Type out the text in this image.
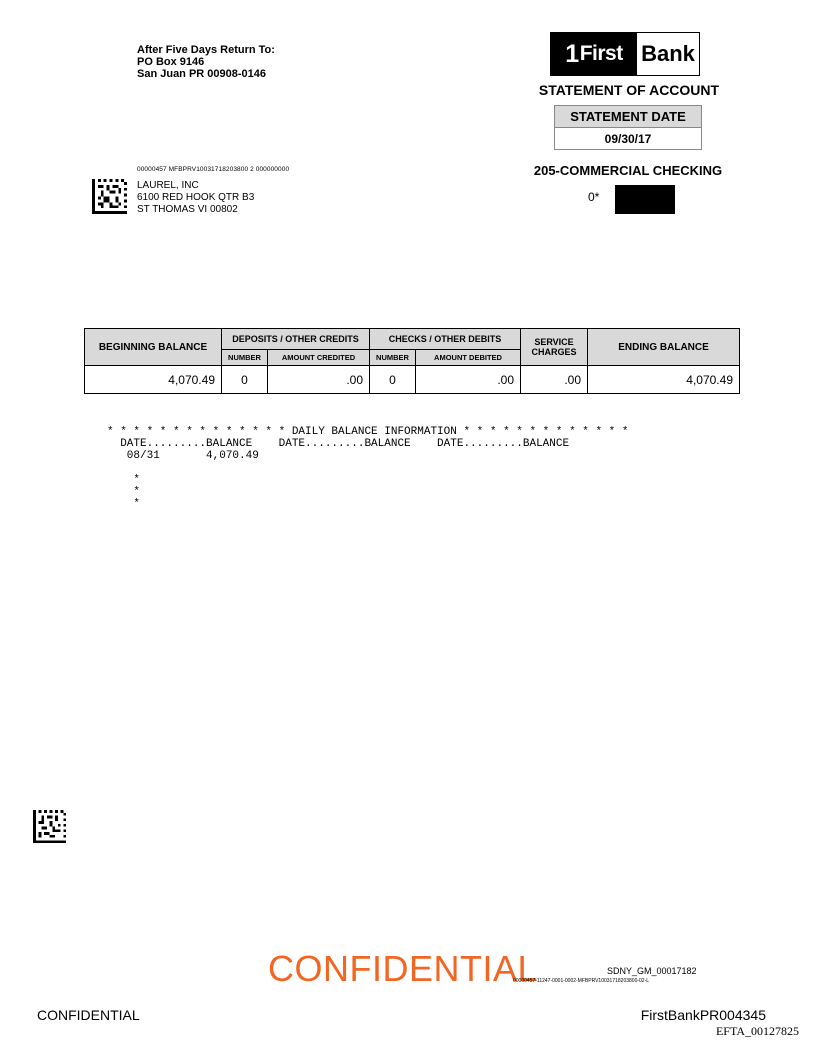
After Five Days Return To:
PO Box 9146
San Juan PR 00908-0146
1 First Bank
STATEMENT OF ACCOUNT
STATEMENT DATE
09/30/17
205-COMMERCIAL CHECKING
0*
00000457 MFBPRV10031718203800 2 000000000
LAUREL, INC
6100 RED HOOK QTR B3
ST THOMAS VI 00802
BEGINNING BALANCE	DEPOSITS / OTHER CREDITS		CHECKS / OTHER DEBITS		SERVICE CHARGES	ENDING BALANCE
	NUMBER	AMOUNT CREDITED	NUMBER	AMOUNT DEBITED		
4,070.49	0	.00	0	.00	.00	4,070.49
* * * * * * * * * * * * * * DAILY BALANCE INFORMATION * * * * * * * * * * * * *
DATE.........BALANCE    DATE.........BALANCE    DATE.........BALANCE
08/31       4,070.49
*
*
*
CONFIDENTIAL	SDNY_GM_00017182
00000457-11247-0001-0002-MFBPRV10031718203800-02-L
CONFIDENTIAL	FirstBankPR004345
EFTA_00127825
